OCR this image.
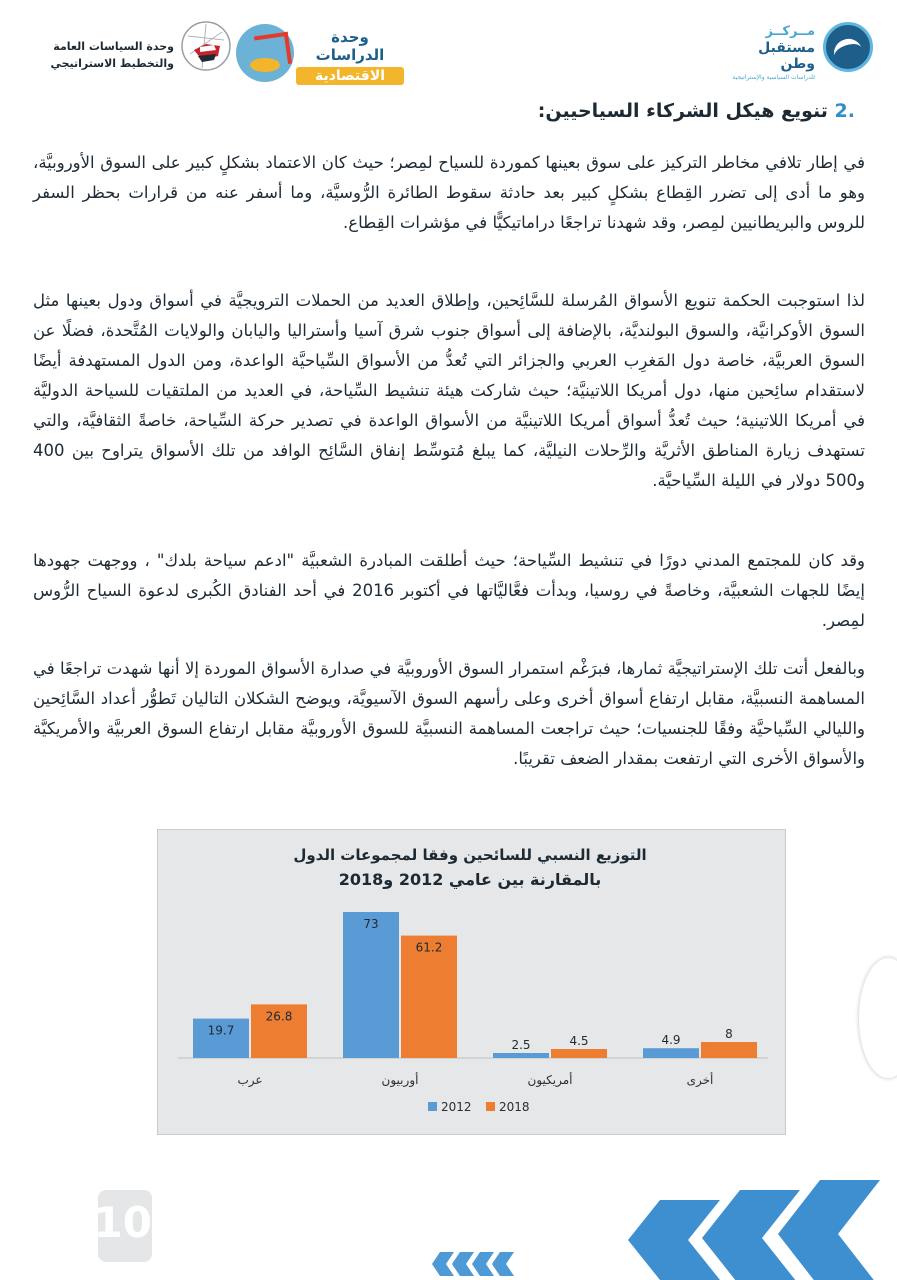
مــركــز
مستقبل وطن
للدراسات السياسية والإستراتيجية
وحدة الدراسات
الاقتصادية
وحدة السياسات العامة
والتخطيط الاستراتيجي
.2 تنويع هيكل الشركاء السياحيين:
في إطار تلافي مخاطر التركيز على سوق بعينها كموردة للسياح لمِصر؛ حيث كان الاعتماد بشكلٍ كبير على السوق الأوروبيَّة، وهو ما أدى إلى تضرر القِطاع بشكلٍ كبير بعد حادثة سقوط الطائرة الرُّوسيَّة، وما أسفر عنه من قرارات بحظر السفر للروس والبريطانيين لمِصر، وقد شهدنا تراجعًا دراماتيكيًّا في مؤشرات القِطاع.
لذا استوجبت الحكمة تنويع الأسواق المُرسلة للسَّائِحين، وإطلاق العديد من الحملات الترويجيَّة في أسواق ودول بعينها مثل السوق الأوكرانيَّة، والسوق البولنديَّة، بالإضافة إلى أسواق جنوب شرق آسيا وأستراليا واليابان والولايات المُتَّحدة، فضلًا عن السوق العربيَّة، خاصة دول المَغرِب العربي والجزائر التي تُعدُّ من الأسواق السِّياحيَّة الواعدة، ومن الدول المستهدفة أيضًا لاستقدام سائِحين منها، دول أمريكا اللاتينيَّة؛ حيث شاركت هيئة تنشيط السِّياحة، في العديد من الملتقيات للسياحة الدوليَّة في أمريكا اللاتينية؛ حيث تُعدُّ أسواق أمريكا اللاتينيَّة من الأسواق الواعدة في تصدير حركة السِّياحة، خاصةً الثقافيَّة، والتي تستهدف زيارة المناطق الأثريَّة والرِّحلات النيليَّة، كما يبلغ مُتوسِّط إنفاق السَّائِح الوافد من تلك الأسواق يتراوح بين 400 و500 دولار في الليلة السِّياحيَّة.
وقد كان للمجتمع المدني دورًا في تنشيط السِّياحة؛ حيث أطلقت المبادرة الشعبيَّة "ادعم سياحة بلدك" ، ووجهت جهودها إيضًا للجهات الشعبيَّة، وخاصةً في روسيا، وبدأت فعَّاليَّاتها في أكتوبر 2016 في أحد الفنادق الكُبرى لدعوة السياح الرُّوس لمِصر.
وبالفعل أتت تلك الإستراتيجيَّة ثمارها، فبرَغْم استمرار السوق الأوروبيَّة في صدارة الأسواق الموردة إلا أنها شهدت تراجعًا في المساهمة النسبيَّة، مقابل ارتفاع أسواق أخرى وعلى رأسهم السوق الآسيويَّة، ويوضح الشكلان التاليان تَطوُّر أعداد السَّائِحين والليالي السِّياحيَّة وفقًا للجنسيات؛ حيث تراجعت المساهمة النسبيَّة للسوق الأوروبيَّة مقابل ارتفاع السوق العربيَّة والأمريكيَّة والأسواق الأخرى التي ارتفعت بمقدار الضعف تقريبًا.
التوزيع النسبي للسائحين وفقا لمجموعات الدول
بالمقارنة بين عامي 2012 و2018
19.7
26.8
عرب
73
61.2
أوربيون
2.5	4.5
أمريكيون
4.9	8
أخرى
2012 2018
10
